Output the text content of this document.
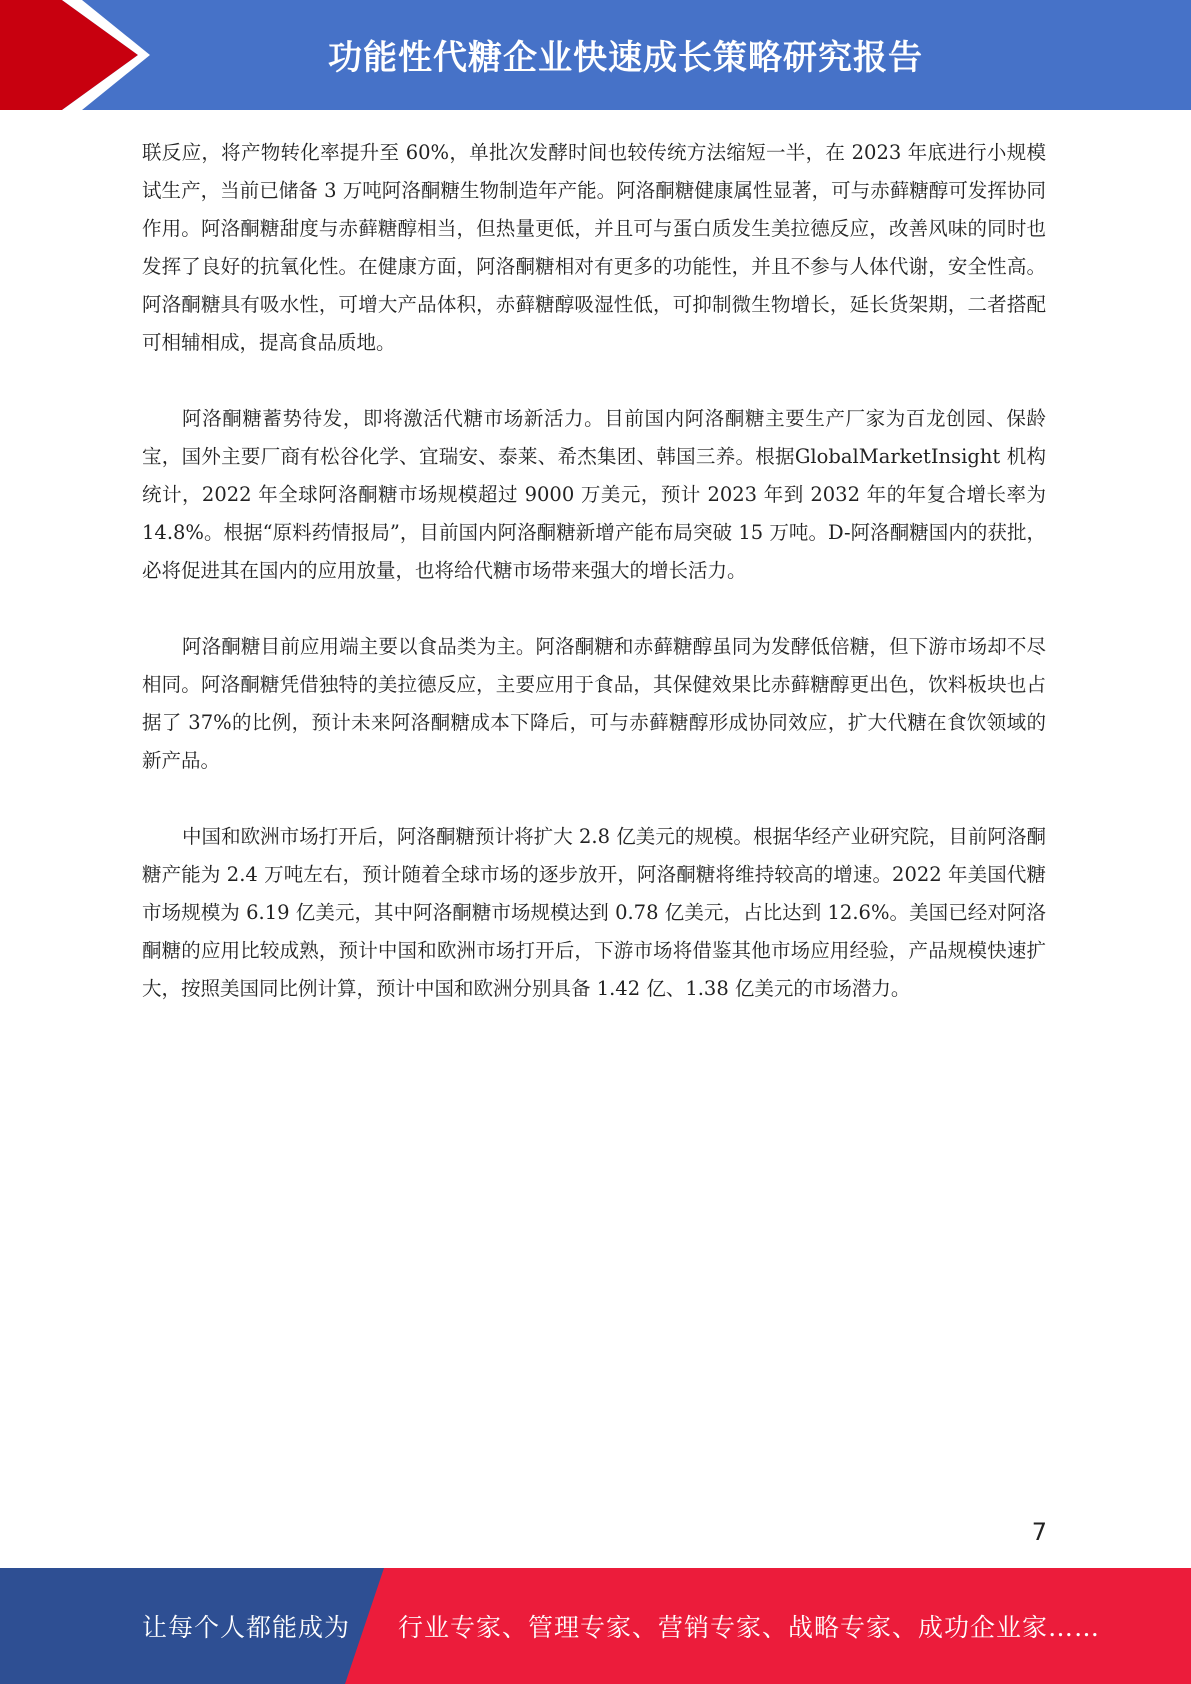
功能性代糖企业快速成长策略研究报告

联反应，将产物转化率提升至 60%，单批次发酵时间也较传统方法缩短一半，在 2023 年底进行小规模试生产，当前已储备 3 万吨阿洛酮糖生物制造年产能。阿洛酮糖健康属性显著，可与赤藓糖醇可发挥协同作用。阿洛酮糖甜度与赤藓糖醇相当，但热量更低，并且可与蛋白质发生美拉德反应，改善风味的同时也发挥了良好的抗氧化性。在健康方面，阿洛酮糖相对有更多的功能性，并且不参与人体代谢，安全性高。阿洛酮糖具有吸水性，可增大产品体积，赤藓糖醇吸湿性低，可抑制微生物增长，延长货架期，二者搭配可相辅相成，提高食品质地。

阿洛酮糖蓄势待发，即将激活代糖市场新活力。目前国内阿洛酮糖主要生产厂家为百龙创园、保龄宝，国外主要厂商有松谷化学、宜瑞安、泰莱、希杰集团、韩国三养。根据GlobalMarketInsight 机构统计，2022 年全球阿洛酮糖市场规模超过 9000 万美元，预计 2023 年到 2032 年的年复合增长率为 14.8%。根据“原料药情报局”，目前国内阿洛酮糖新增产能布局突破 15 万吨。D-阿洛酮糖国内的获批，必将促进其在国内的应用放量，也将给代糖市场带来强大的增长活力。

阿洛酮糖目前应用端主要以食品类为主。阿洛酮糖和赤藓糖醇虽同为发酵低倍糖，但下游市场却不尽相同。阿洛酮糖凭借独特的美拉德反应，主要应用于食品，其保健效果比赤藓糖醇更出色，饮料板块也占据了 37%的比例，预计未来阿洛酮糖成本下降后，可与赤藓糖醇形成协同效应，扩大代糖在食饮领域的新产品。

中国和欧洲市场打开后，阿洛酮糖预计将扩大 2.8 亿美元的规模。根据华经产业研究院，目前阿洛酮糖产能为 2.4 万吨左右，预计随着全球市场的逐步放开，阿洛酮糖将维持较高的增速。2022 年美国代糖市场规模为 6.19 亿美元，其中阿洛酮糖市场规模达到 0.78 亿美元，占比达到 12.6%。美国已经对阿洛酮糖的应用比较成熟，预计中国和欧洲市场打开后，下游市场将借鉴其他市场应用经验，产品规模快速扩大，按照美国同比例计算，预计中国和欧洲分别具备 1.42 亿、1.38 亿美元的市场潜力。

7
让每个人都能成为 行业专家、管理专家、营销专家、战略专家、成功企业家……
